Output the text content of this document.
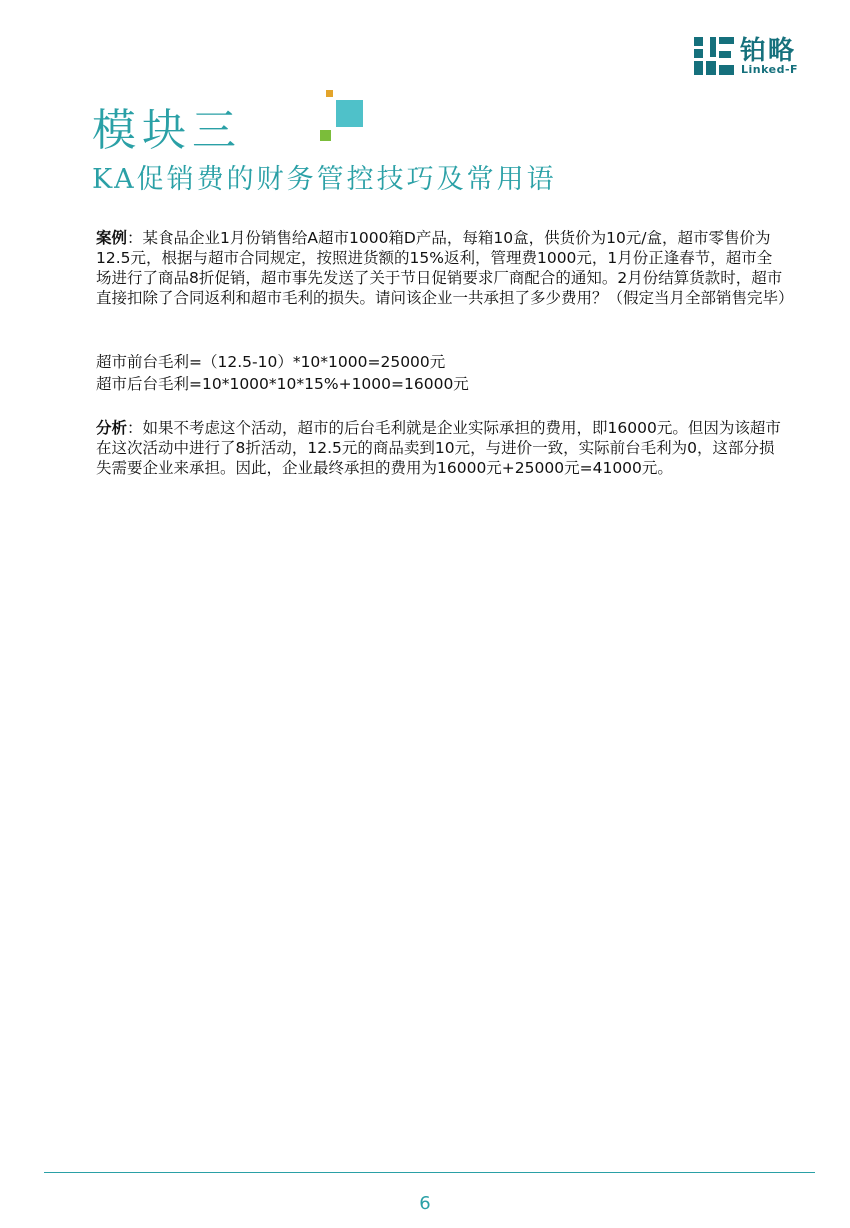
铂略
Linked-F
模块三
KA促销费的财务管控技巧及常用语
案例：某食品企业1月份销售给A超市1000箱D产品，每箱10盒，供货价为10元/盒，超市零售价为12.5元，根据与超市合同规定，按照进货额的15%返利，管理费1000元，1月份正逢春节，超市全场进行了商品8折促销，超市事先发送了关于节日促销要求厂商配合的通知。2月份结算货款时，超市直接扣除了合同返利和超市毛利的损失。请问该企业一共承担了多少费用？（假定当月全部销售完毕）
超市前台毛利=（12.5-10）*10*1000=25000元
超市后台毛利=10*1000*10*15%+1000=16000元
分析：如果不考虑这个活动，超市的后台毛利就是企业实际承担的费用，即16000元。但因为该超市在这次活动中进行了8折活动，12.5元的商品卖到10元，与进价一致，实际前台毛利为0，这部分损失需要企业来承担。因此，企业最终承担的费用为16000元+25000元=41000元。
6
